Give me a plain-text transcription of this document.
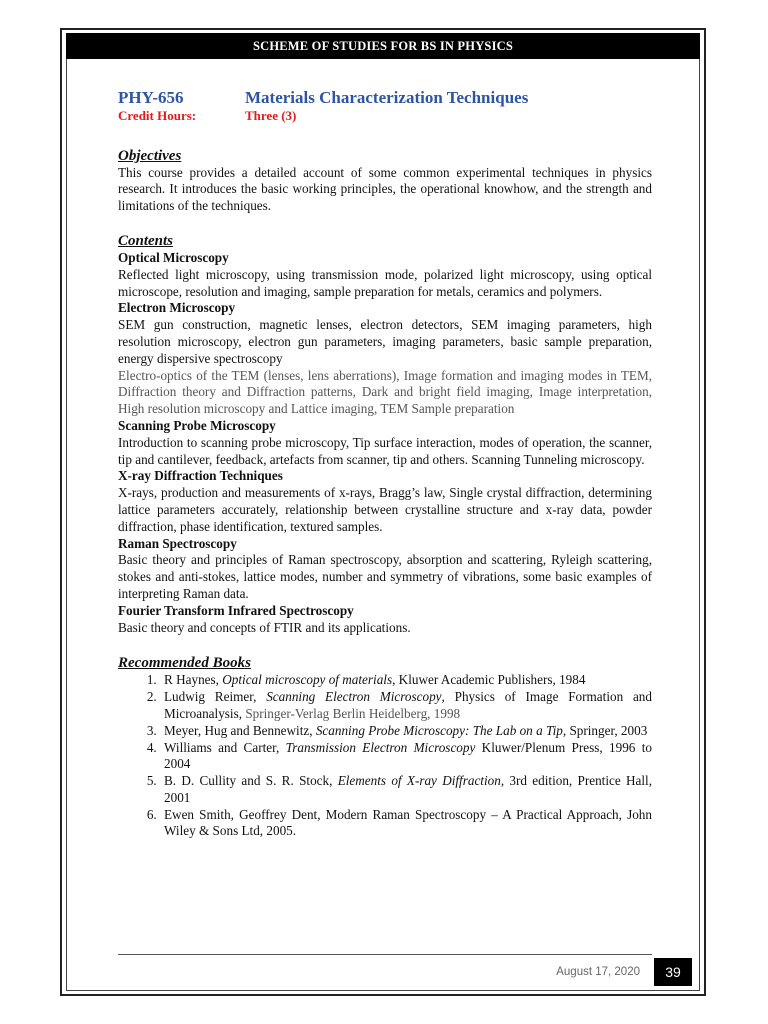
SCHEME OF STUDIES FOR BS IN PHYSICS
PHY-656	Materials Characterization Techniques
Credit Hours:	Three (3)
Objectives

This course provides a detailed account of some common experimental techniques in physics research. It introduces the basic working principles, the operational knowhow, and the strength and limitations of the techniques.

Contents
Optical Microscopy

Reflected light microscopy, using transmission mode, polarized light microscopy, using optical microscope, resolution and imaging, sample preparation for metals, ceramics and polymers.

Electron Microscopy

SEM gun construction, magnetic lenses, electron detectors, SEM imaging parameters, high resolution microscopy, electron gun parameters, imaging parameters, basic sample preparation, energy dispersive spectroscopy

Electro-optics of the TEM (lenses, lens aberrations), Image formation and imaging modes in TEM, Diffraction theory and Diffraction patterns, Dark and bright field imaging, Image interpretation, High resolution microscopy and Lattice imaging, TEM Sample preparation

Scanning Probe Microscopy

Introduction to scanning probe microscopy, Tip surface interaction, modes of operation, the scanner, tip and cantilever, feedback, artefacts from scanner, tip and others. Scanning Tunneling microscopy.

X-ray Diffraction Techniques

X-rays, production and measurements of x-rays, Bragg’s law, Single crystal diffraction, determining lattice parameters accurately, relationship between crystalline structure and x-ray data, powder diffraction, phase identification, textured samples.

Raman Spectroscopy

Basic theory and principles of Raman spectroscopy, absorption and scattering, Ryleigh scattering, stokes and anti-stokes, lattice modes, number and symmetry of vibrations, some basic examples of interpreting Raman data.

Fourier Transform Infrared Spectroscopy

Basic theory and concepts of FTIR and its applications.

Recommended Books
1. R Haynes, Optical microscopy of materials, Kluwer Academic Publishers, 1984
2. Ludwig Reimer, Scanning Electron Microscopy, Physics of Image Formation and Microanalysis, Springer-Verlag Berlin Heidelberg, 1998
3. Meyer, Hug and Bennewitz, Scanning Probe Microscopy: The Lab on a Tip, Springer, 2003
4. Williams and Carter, Transmission Electron Microscopy Kluwer/Plenum Press, 1996 to 2004
5. B. D. Cullity and S. R. Stock, Elements of X-ray Diffraction, 3rd edition, Prentice Hall, 2001
6. Ewen Smith, Geoffrey Dent, Modern Raman Spectroscopy – A Practical Approach, John Wiley & Sons Ltd, 2005.
August 17, 2020	39
